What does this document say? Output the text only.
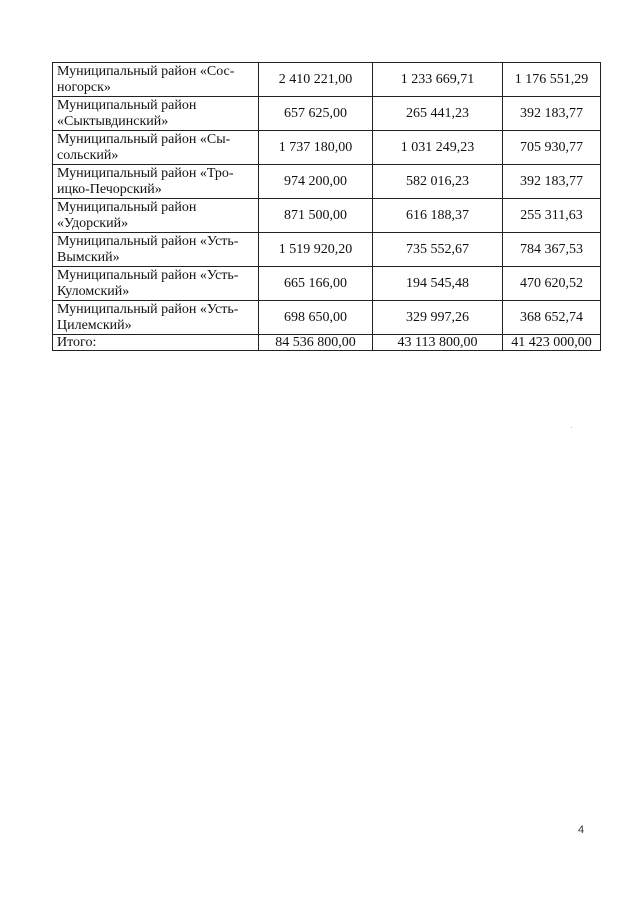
Муниципальный район «Сос-ногорск»	2 410 221,00	1 233 669,71	1 176 551,29
Муниципальный район «Сыктывдинский»	657 625,00	265 441,23	392 183,77
Муниципальный район «Сы-сольский»	1 737 180,00	1 031 249,23	705 930,77
Муниципальный район «Тро-ицко-Печорский»	974 200,00	582 016,23	392 183,77
Муниципальный район «Удорский»	871 500,00	616 188,37	255 311,63
Муниципальный район «Усть-Вымский»	1 519 920,20	735 552,67	784 367,53
Муниципальный район «Усть-Куломский»	665 166,00	194 545,48	470 620,52
Муниципальный район «Усть-Цилемский»	698 650,00	329 997,26	368 652,74
Итого:	84 536 800,00	43 113 800,00	41 423 000,00
4
